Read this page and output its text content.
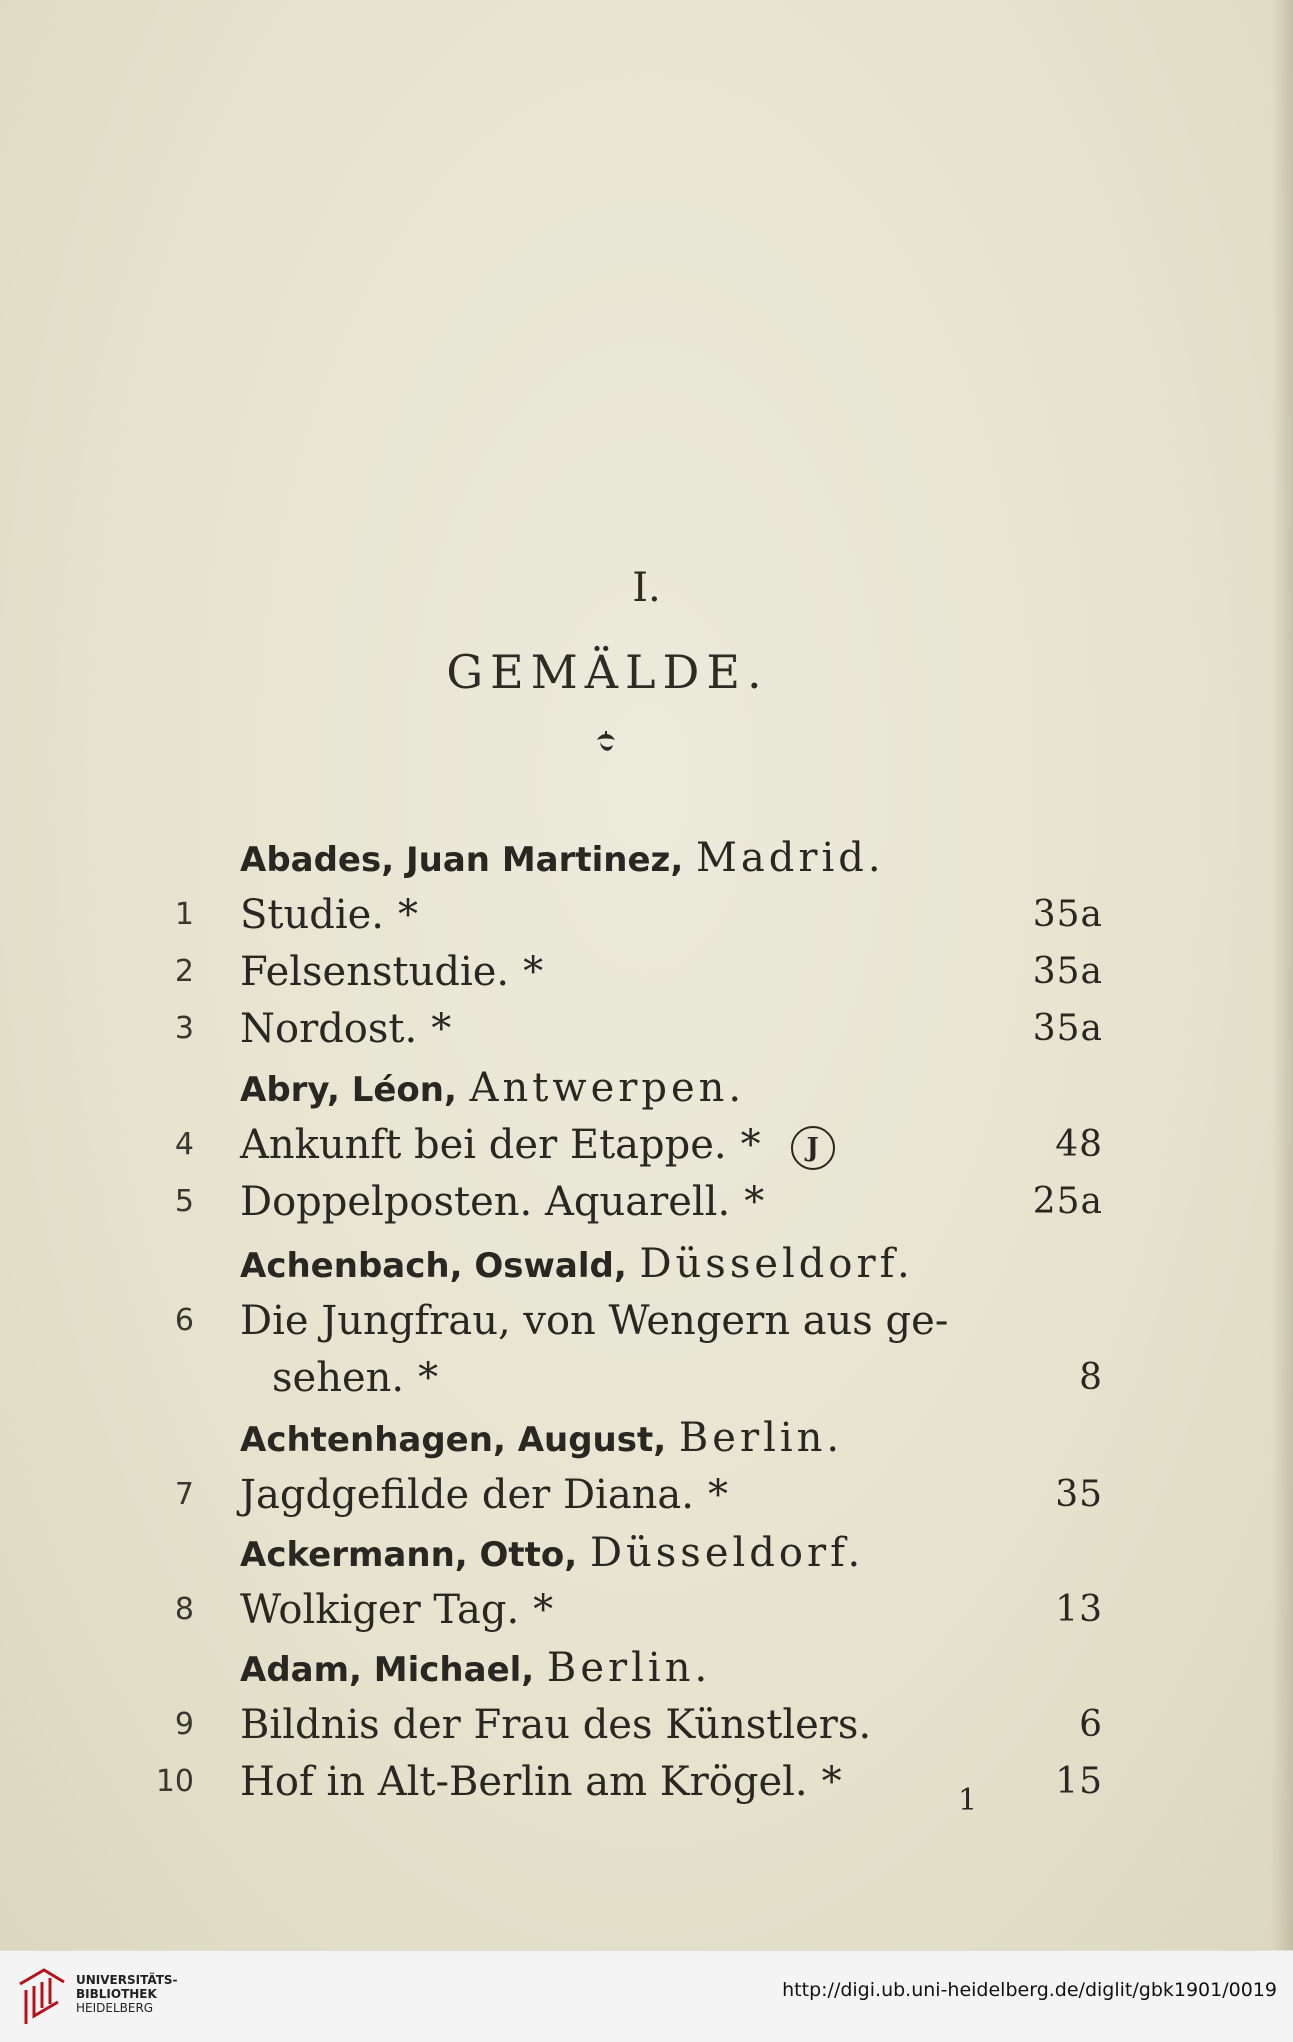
I.
GEMÄLDE.
Abades, Juan Martinez, Madrid.
1 Studie. *	35a
2 Felsenstudie. *	35a
3 Nordost. *	35a
Abry, Léon, Antwerpen.
4 Ankunft bei der Etappe. * J	48
5 Doppelposten. Aquarell. *	25a
Achenbach, Oswald, Düsseldorf.
6 Die Jungfrau, von Wengern aus ge-
sehen. *	8
Achtenhagen, August, Berlin.
7 Jagdgefilde der Diana. *	35
Ackermann, Otto, Düsseldorf.
8 Wolkiger Tag. *	13
Adam, Michael, Berlin.
9 Bildnis der Frau des Künstlers.	6
10 Hof in Alt-Berlin am Krögel. *	15
1
UNIVERSITÄTS-
BIBLIOTHEK
HEIDELBERG
http://digi.ub.uni-heidelberg.de/diglit/gbk1901/0019
